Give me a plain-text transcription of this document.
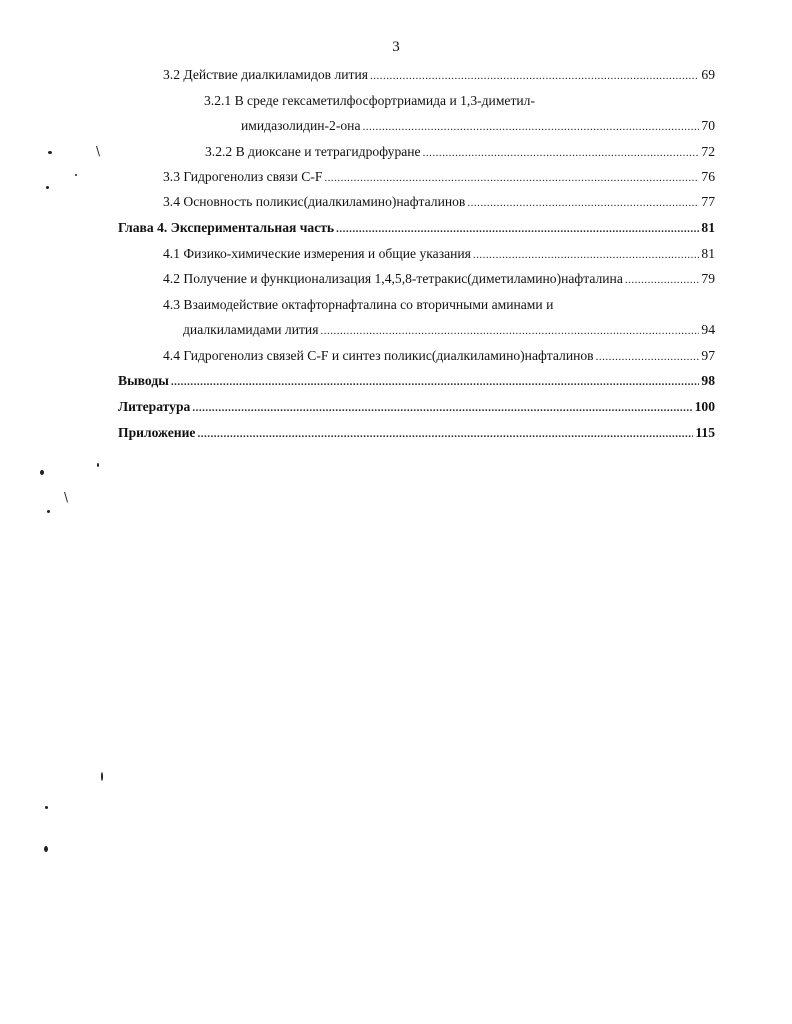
3
3.2 Действие диалкиламидов лития .....	69
3.2.1 В среде гексаметилфосфортриамида и 1,3-диметил-
имидазолидин-2-она .....	70
3.2.2 В диоксане и тетрагидрофуране .....	72
3.3 Гидрогенолиз связи C-F .....	76
3.4 Основность поликис(диалкиламино)нафталинов .....	77
Глава 4. Экспериментальная часть .....	81
4.1 Физико-химические измерения и общие указания .....	81
4.2 Получение и функционализация 1,4,5,8-тетракис(диметиламино)нафталина .....	79
4.3 Взаимодействие октафторнафталина со вторичными аминами и
диалкиламидами лития .....	94
4.4 Гидрогенолиз связей C-F и синтез поликис(диалкиламино)нафталинов .....	97
Выводы .....	98
Литература .....	100
Приложение .....	115
\
\
